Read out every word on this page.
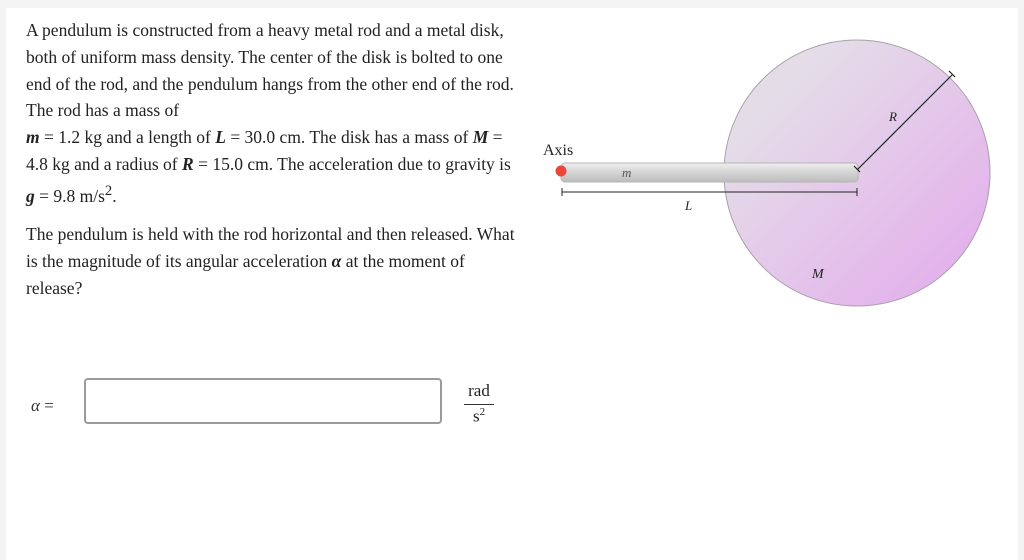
A pendulum is constructed from a heavy metal rod and a metal disk, both of uniform mass density. The center of the disk is bolted to one end of the rod, and the pendulum hangs from the other end of the rod. The rod has a mass of
m = 1.2 kg and a length of L = 30.0 cm. The disk has a mass of M = 4.8 kg and a radius of R = 15.0 cm. The acceleration due to gravity is g = 9.8 $m/s^2$.

The pendulum is held with the rod horizontal and then released. What is the magnitude of its angular acceleration α at the moment of release?

α =
rad
$s^2$
Axis
m
L
R
M
